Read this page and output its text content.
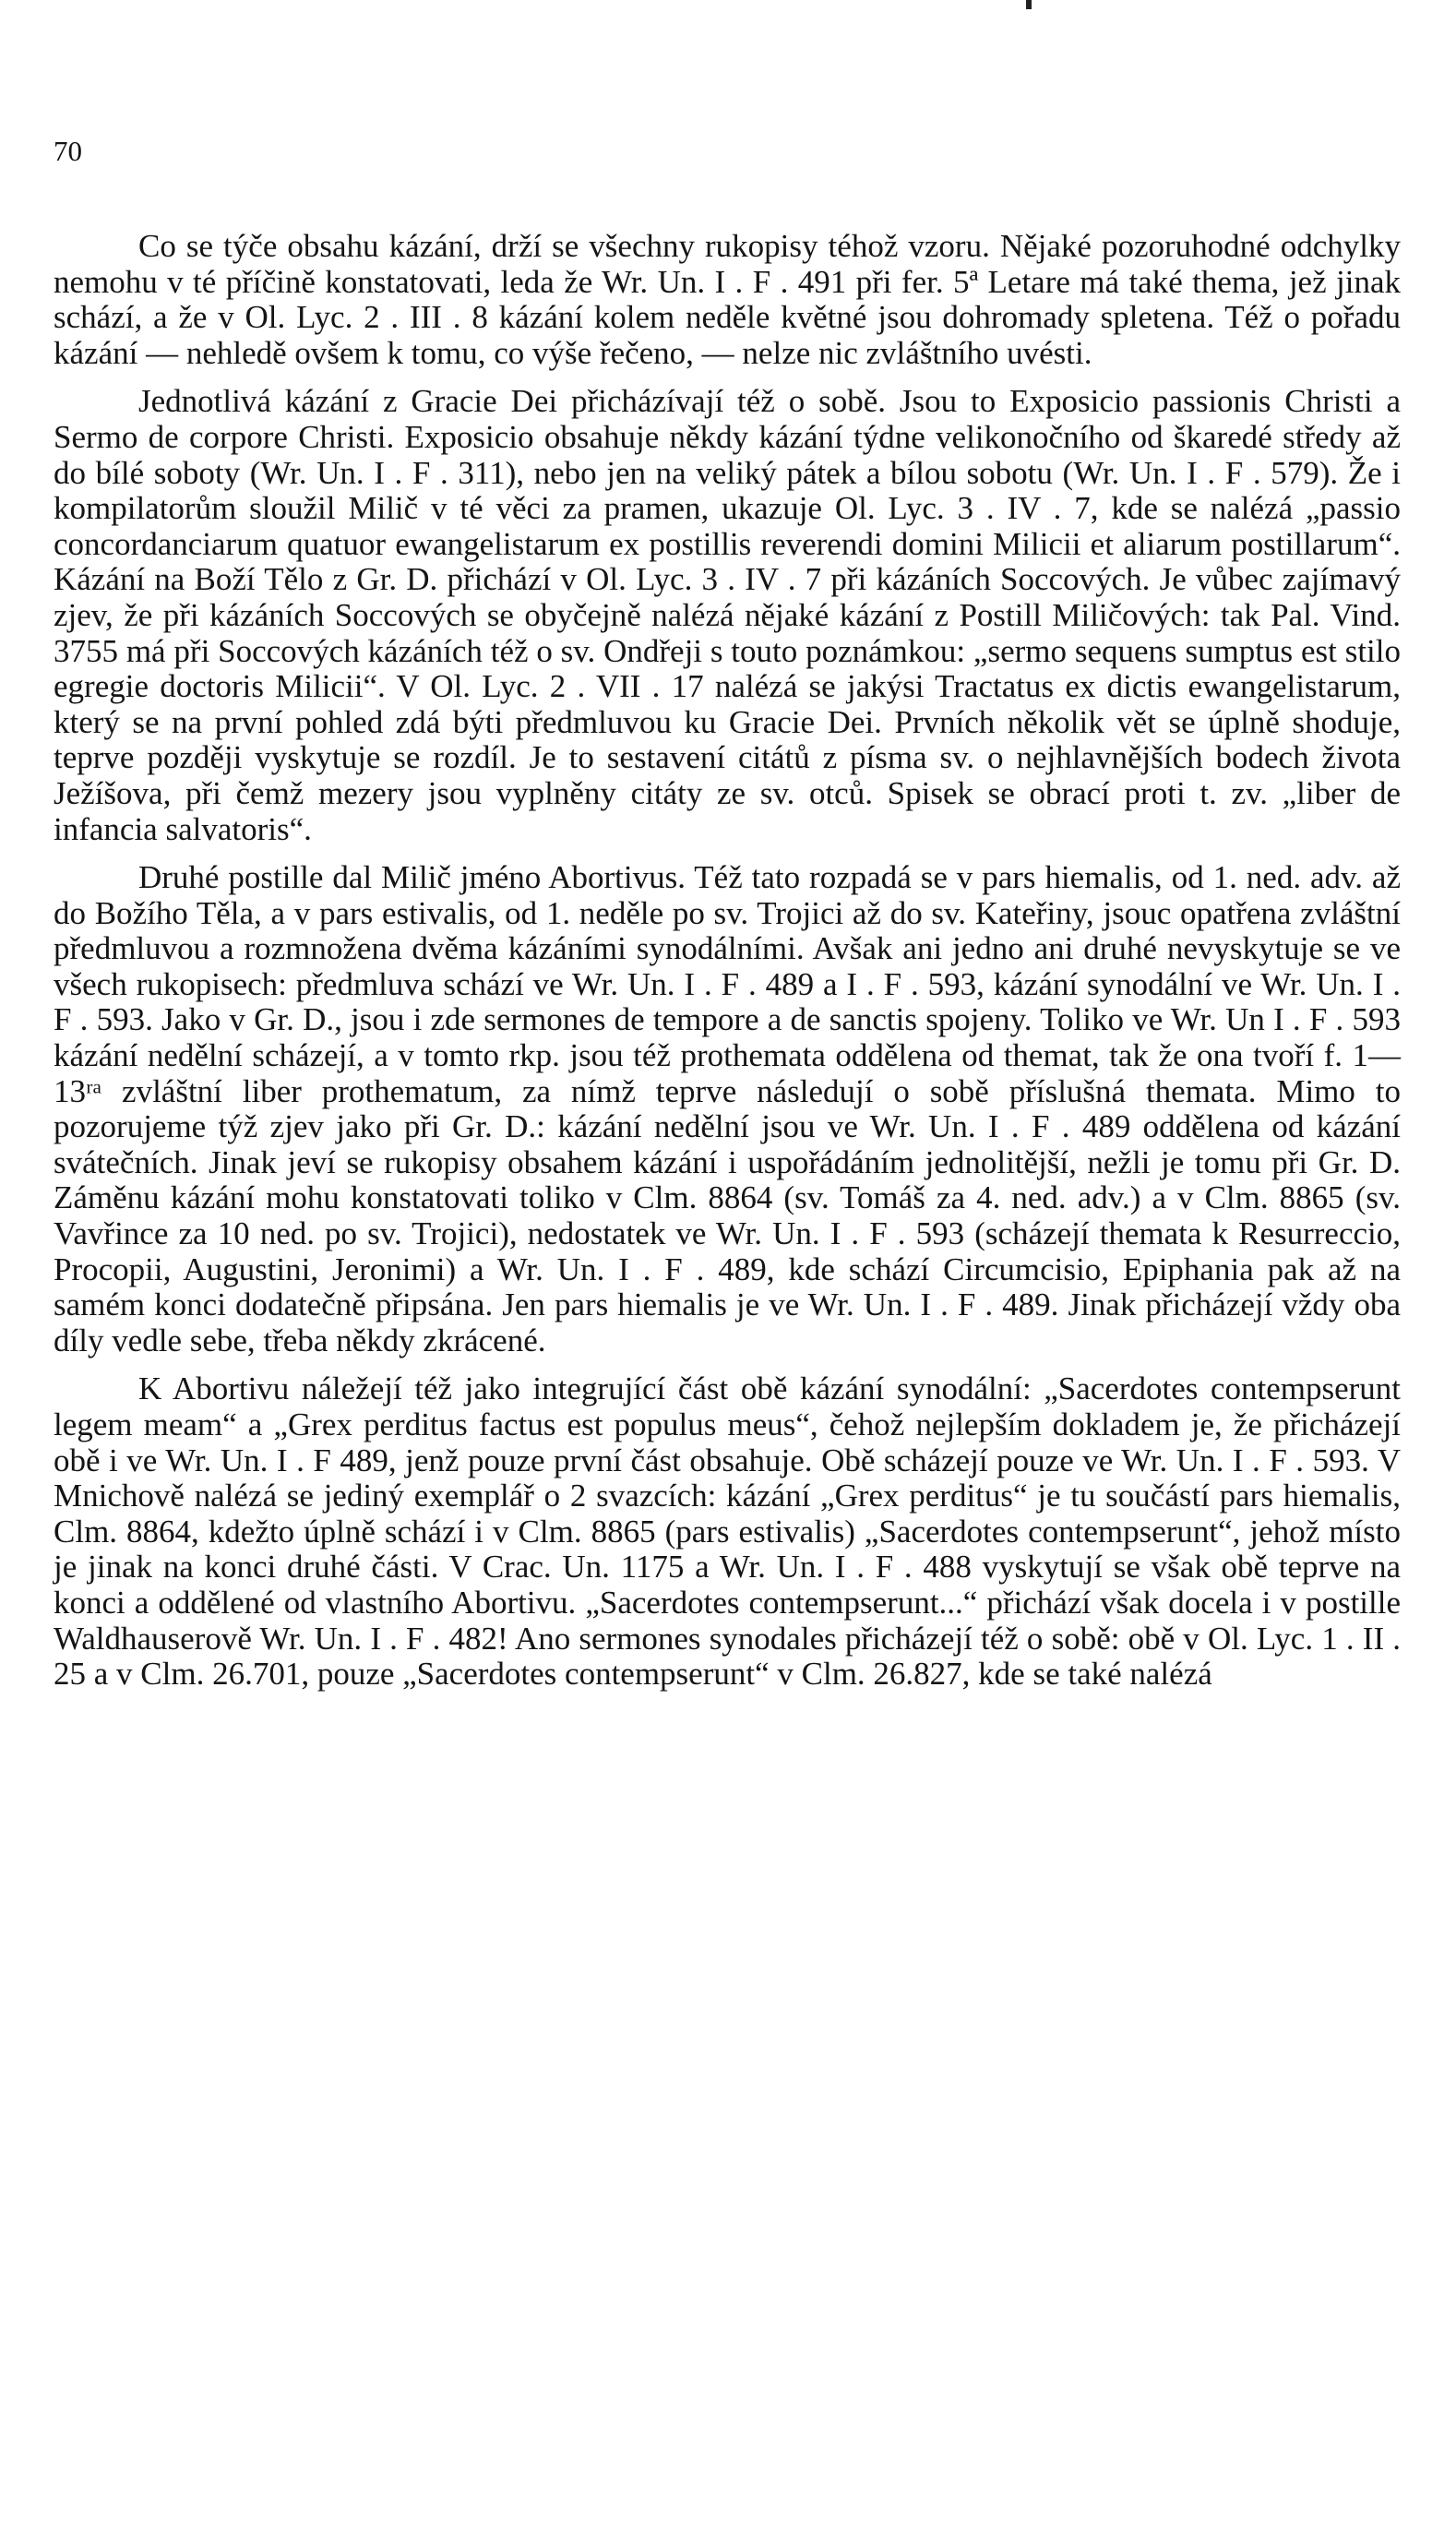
70

Co se týče obsahu kázání, drží se všechny rukopisy téhož vzoru. Nějaké pozoruhodné odchylky nemohu v té příčině konstatovati, leda že Wr. Un. I . F . 491 při fer. 5ª Letare má také thema, jež jinak schází, a že v Ol. Lyc. 2 . III . 8 kázání kolem neděle květné jsou dohromady spletena. Též o pořadu kázání — nehledě ovšem k tomu, co výše řečeno, — nelze nic zvláštního uvésti.

Jednotlivá kázání z Gracie Dei přicházívají též o sobě. Jsou to Exposicio passionis Christi a Sermo de corpore Christi. Exposicio obsahuje někdy kázání týdne velikonočního od škaredé středy až do bílé soboty (Wr. Un. I . F . 311), nebo jen na veliký pátek a bílou sobotu (Wr. Un. I . F . 579). Že i kompilatorům sloužil Milič v té věci za pramen, ukazuje Ol. Lyc. 3 . IV . 7, kde se nalézá „passio concordanciarum quatuor ewangelistarum ex postillis reverendi domini Milicii et aliarum postillarum“. Kázání na Boží Tělo z Gr. D. přichází v Ol. Lyc. 3 . IV . 7 při kázáních Soccových. Je vůbec zajímavý zjev, že při kázáních Soccových se obyčejně nalézá nějaké kázání z Postill Miličových: tak Pal. Vind. 3755 má při Soccových kázáních též o sv. Ondřeji s touto poznámkou: „sermo sequens sumptus est stilo egregie doctoris Milicii“. V Ol. Lyc. 2 . VII . 17 nalézá se jakýsi Tractatus ex dictis ewangelistarum, který se na první pohled zdá býti předmluvou ku Gracie Dei. Prvních několik vět se úplně shoduje, teprve později vyskytuje se rozdíl. Je to sestavení citátů z písma sv. o nejhlavnějších bodech života Ježíšova, při čemž mezery jsou vyplněny citáty ze sv. otců. Spisek se obrací proti t. zv. „liber de infancia salvatoris“.

Druhé postille dal Milič jméno Abortivus. Též tato rozpadá se v pars hiemalis, od 1. ned. adv. až do Božího Těla, a v pars estivalis, od 1. neděle po sv. Trojici až do sv. Kateřiny, jsouc opatřena zvláštní předmluvou a rozmnožena dvěma kázáními synodálními. Avšak ani jedno ani druhé nevyskytuje se ve všech rukopisech: předmluva schází ve Wr. Un. I . F . 489 a I . F . 593, kázání synodální ve Wr. Un. I . F . 593. Jako v Gr. D., jsou i zde sermones de tempore a de sanctis spojeny. Toliko ve Wr. Un I . F . 593 kázání nedělní scházejí, a v tomto rkp. jsou též prothemata oddělena od themat, tak že ona tvoří f. 1—13ʳᵃ zvláštní liber prothematum, za nímž teprve následují o sobě příslušná themata. Mimo to pozorujeme týž zjev jako při Gr. D.: kázání nedělní jsou ve Wr. Un. I . F . 489 oddělena od kázání svátečních. Jinak jeví se rukopisy obsahem kázání i uspořádáním jednolitější, nežli je tomu při Gr. D. Záměnu kázání mohu konstatovati toliko v Clm. 8864 (sv. Tomáš za 4. ned. adv.) a v Clm. 8865 (sv. Vavřince za 10 ned. po sv. Trojici), nedostatek ve Wr. Un. I . F . 593 (scházejí themata k Resurreccio, Procopii, Augustini, Jeronimi) a Wr. Un. I . F . 489, kde schází Circumcisio, Epiphania pak až na samém konci dodatečně připsána. Jen pars hiemalis je ve Wr. Un. I . F . 489. Jinak přicházejí vždy oba díly vedle sebe, třeba někdy zkrácené.

K Abortivu náležejí též jako integrující část obě kázání synodální: „Sacerdotes contempserunt legem meam“ a „Grex perditus factus est populus meus“, čehož nejlepším dokladem je, že přicházejí obě i ve Wr. Un. I . F 489, jenž pouze první část obsahuje. Obě scházejí pouze ve Wr. Un. I . F . 593. V Mnichově nalézá se jediný exemplář o 2 svazcích: kázání „Grex perditus“ je tu součástí pars hiemalis, Clm. 8864, kdežto úplně schází i v Clm. 8865 (pars estivalis) „Sacerdotes contempserunt“, jehož místo je jinak na konci druhé části. V Crac. Un. 1175 a Wr. Un. I . F . 488 vyskytují se však obě teprve na konci a oddělené od vlastního Abortivu. „Sacerdotes contempserunt...“ přichází však docela i v postille Waldhauserově Wr. Un. I . F . 482! Ano sermones synodales přicházejí též o sobě: obě v Ol. Lyc. 1 . II . 25 a v Clm. 26.701, pouze „Sacerdotes contempserunt“ v Clm. 26.827, kde se také nalézá
